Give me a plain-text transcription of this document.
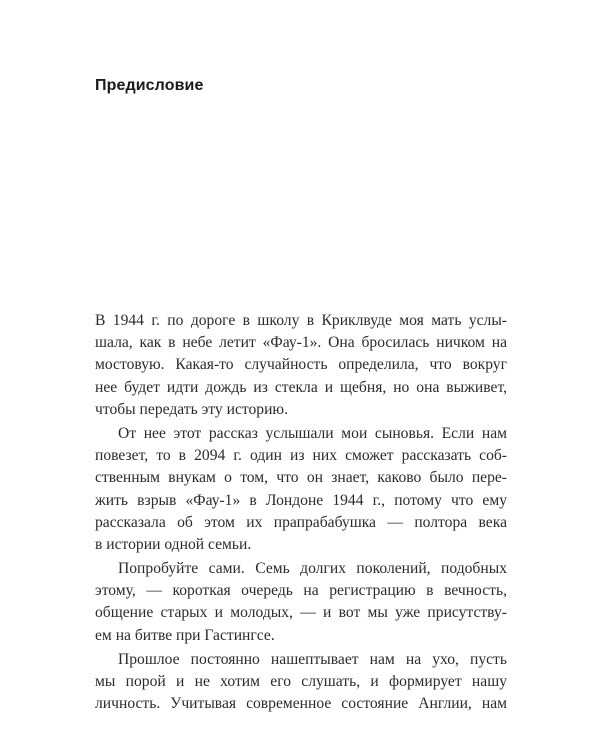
Предисловие
В 1944 г. по дороге в школу в Криклвуде моя мать услы-
шала, как в небе летит «Фау-1». Она бросилась ничком на
мостовую. Какая-то случайность определила, что вокруг
нее будет идти дождь из стекла и щебня, но она выживет,
чтобы передать эту историю.
От нее этот рассказ услышали мои сыновья. Если нам
повезет, то в 2094 г. один из них сможет рассказать соб-
ственным внукам о том, что он знает, каково было пере-
жить взрыв «Фау-1» в Лондоне 1944 г., потому что ему
рассказала об этом их прапрабабушка — полтора века
в истории одной семьи.
Попробуйте сами. Семь долгих поколений, подобных
этому, — короткая очередь на регистрацию в вечность,
общение старых и молодых, — и вот мы уже присутству-
ем на битве при Гастингсе.
Прошлое постоянно нашептывает нам на ухо, пусть
мы порой и не хотим его слушать, и формирует нашу
личность. Учитывая современное состояние Англии, нам
